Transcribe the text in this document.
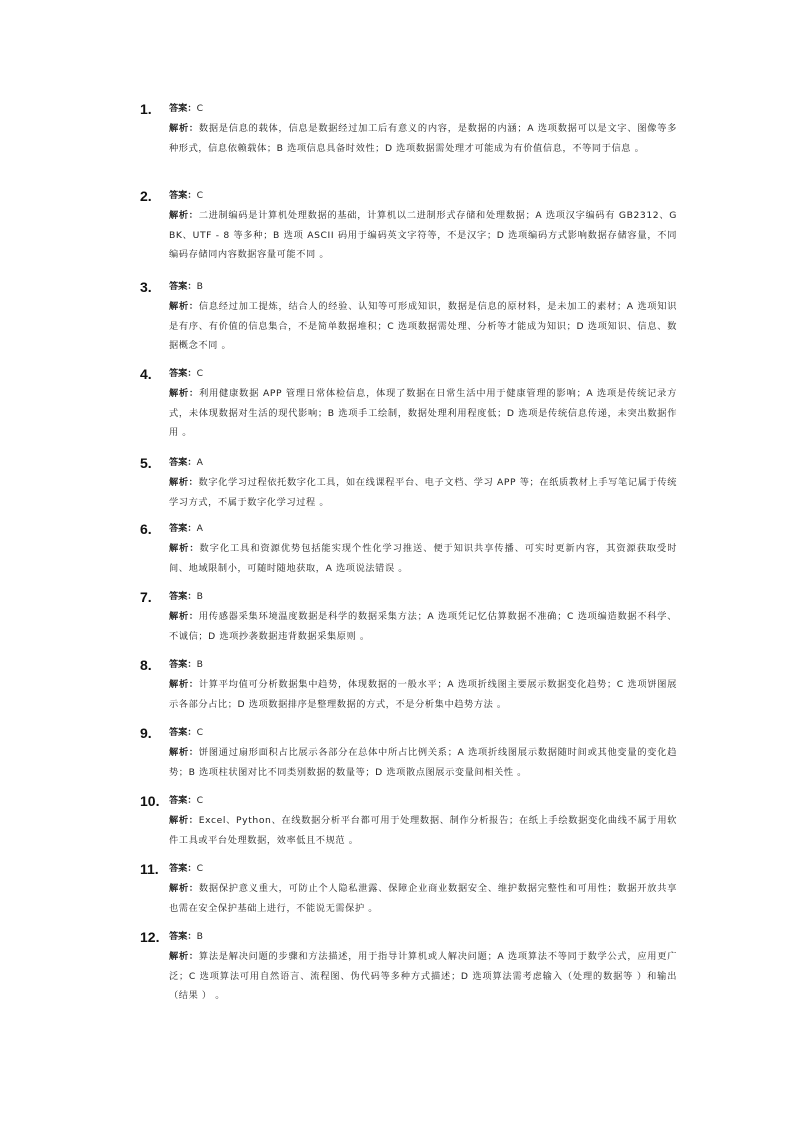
1.	答案：C
解析：数据是信息的载体，信息是数据经过加工后有意义的内容，是数据的内涵；A 选项数据可以是文字、图像等多种形式，信息依赖载体；B 选项信息具备时效性；D 选项数据需处理才可能成为有价值信息，不等同于信息 。
2.	答案：C
解析：二进制编码是计算机处理数据的基础，计算机以二进制形式存储和处理数据；A 选项汉字编码有 GB2312、GBK、UTF - 8 等多种；B 选项 ASCII 码用于编码英文字符等，不是汉字；D 选项编码方式影响数据存储容量，不同编码存储同内容数据容量可能不同 。
3.	答案：B
解析：信息经过加工提炼，结合人的经验、认知等可形成知识，数据是信息的原材料，是未加工的素材；A 选项知识是有序、有价值的信息集合，不是简单数据堆积；C 选项数据需处理、分析等才能成为知识；D 选项知识、信息、数据概念不同 。
4.	答案：C
解析：利用健康数据 APP 管理日常体检信息，体现了数据在日常生活中用于健康管理的影响；A 选项是传统记录方式，未体现数据对生活的现代影响；B 选项手工绘制，数据处理利用程度低；D 选项是传统信息传递，未突出数据作用 。
5.	答案：A
解析：数字化学习过程依托数字化工具，如在线课程平台、电子文档、学习 APP 等；在纸质教材上手写笔记属于传统学习方式，不属于数字化学习过程 。
6.	答案：A
解析：数字化工具和资源优势包括能实现个性化学习推送、便于知识共享传播、可实时更新内容，其资源获取受时间、地域限制小，可随时随地获取，A 选项说法错误 。
7.	答案：B
解析：用传感器采集环境温度数据是科学的数据采集方法；A 选项凭记忆估算数据不准确；C 选项编造数据不科学、不诚信；D 选项抄袭数据违背数据采集原则 。
8.	答案：B
解析：计算平均值可分析数据集中趋势，体现数据的一般水平；A 选项折线图主要展示数据变化趋势；C 选项饼图展示各部分占比；D 选项数据排序是整理数据的方式，不是分析集中趋势方法 。
9.	答案：C
解析：饼图通过扇形面积占比展示各部分在总体中所占比例关系；A 选项折线图展示数据随时间或其他变量的变化趋势；B 选项柱状图对比不同类别数据的数量等；D 选项散点图展示变量间相关性 。
10.	答案：C
解析：Excel、Python、在线数据分析平台都可用于处理数据、制作分析报告；在纸上手绘数据变化曲线不属于用软件工具或平台处理数据，效率低且不规范 。
11.	答案：C
解析：数据保护意义重大，可防止个人隐私泄露、保障企业商业数据安全、维护数据完整性和可用性；数据开放共享也需在安全保护基础上进行，不能说无需保护 。
12.	答案：B
解析：算法是解决问题的步骤和方法描述，用于指导计算机或人解决问题；A 选项算法不等同于数学公式，应用更广泛；C 选项算法可用自然语言、流程图、伪代码等多种方式描述；D 选项算法需考虑输入（处理的数据等 ）和输出（结果 ） 。
